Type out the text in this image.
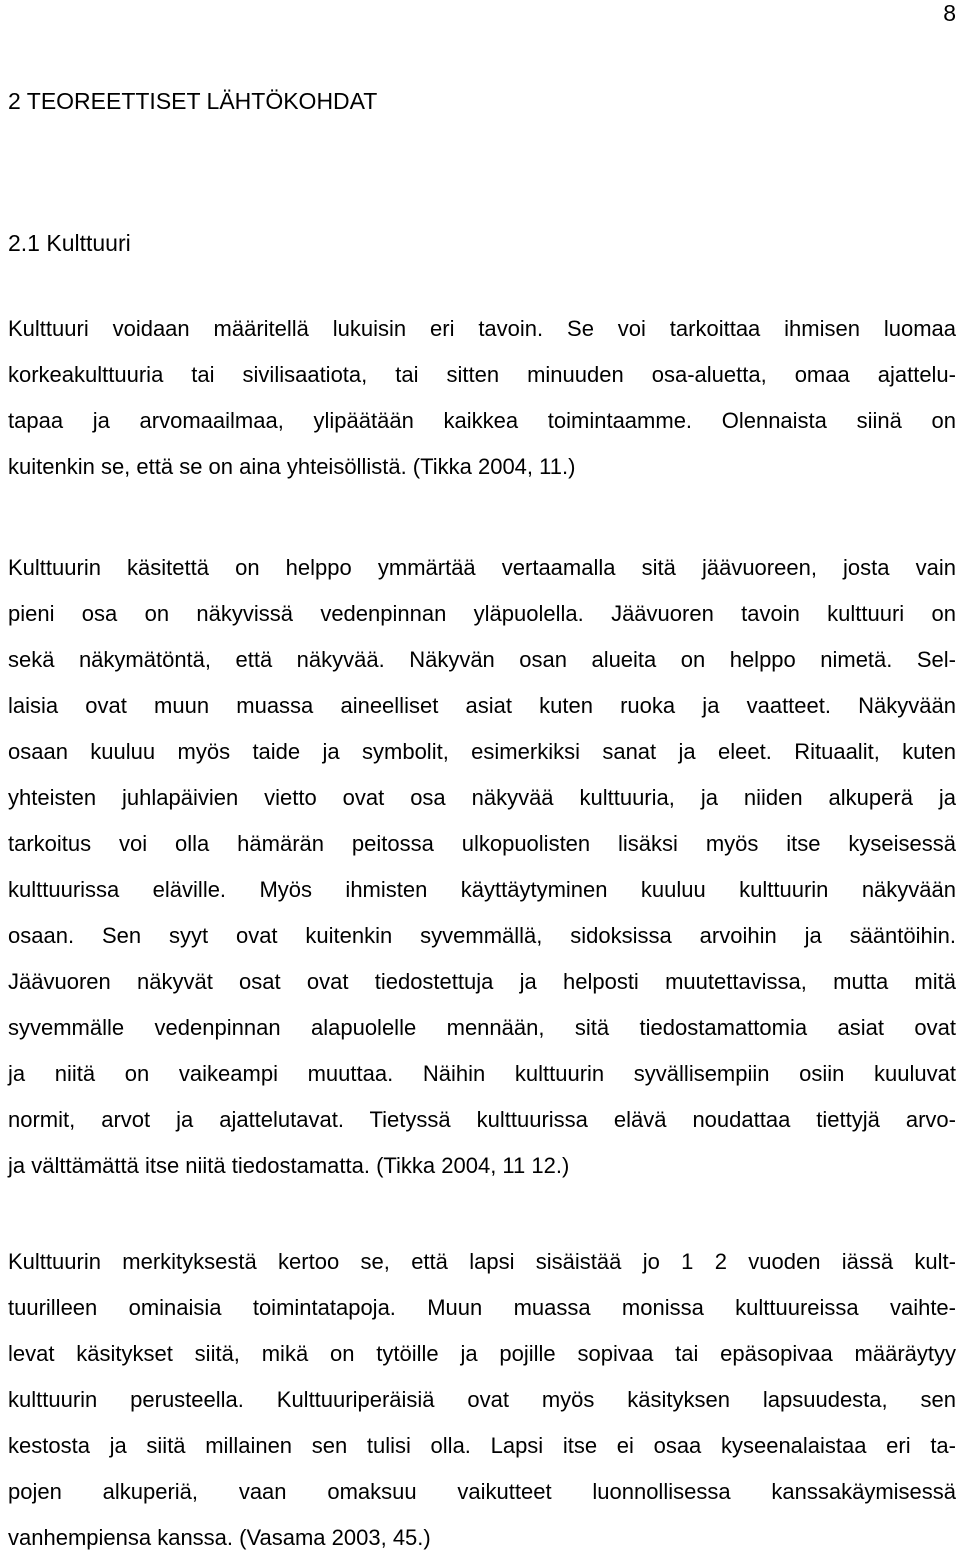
8
2 TEOREETTISET LÄHTÖKOHDAT
2.1 Kulttuuri
Kulttuuri voidaan määritellä lukuisin eri tavoin. Se voi tarkoittaa ihmisen luomaa
korkeakulttuuria tai sivilisaatiota, tai sitten minuuden osa-aluetta, omaa ajattelu-
tapaa ja arvomaailmaa, ylipäätään kaikkea toimintaamme. Olennaista siinä on
kuitenkin se, että se on aina yhteisöllistä. (Tikka 2004, 11.)
Kulttuurin käsitettä on helppo ymmärtää vertaamalla sitä jäävuoreen, josta vain
pieni osa on näkyvissä vedenpinnan yläpuolella. Jäävuoren tavoin kulttuuri on
sekä näkymätöntä, että näkyvää. Näkyvän osan alueita on helppo nimetä. Sel-
laisia ovat muun muassa aineelliset asiat kuten ruoka ja vaatteet. Näkyvään
osaan kuuluu myös taide ja symbolit, esimerkiksi sanat ja eleet. Rituaalit, kuten
yhteisten juhlapäivien vietto ovat osa näkyvää kulttuuria, ja niiden alkuperä ja
tarkoitus voi olla hämärän peitossa ulkopuolisten lisäksi myös itse kyseisessä
kulttuurissa eläville. Myös ihmisten käyttäytyminen kuuluu kulttuurin näkyvään
osaan. Sen syyt ovat kuitenkin syvemmällä, sidoksissa arvoihin ja sääntöihin.
Jäävuoren näkyvät osat ovat tiedostettuja ja helposti muutettavissa, mutta mitä
syvemmälle vedenpinnan alapuolelle mennään, sitä tiedostamattomia asiat ovat
ja niitä on vaikeampi muuttaa. Näihin kulttuurin syvällisempiin osiin kuuluvat
normit, arvot ja ajattelutavat. Tietyssä kulttuurissa elävä noudattaa tiettyjä arvo-
ja välttämättä itse niitä tiedostamatta. (Tikka 2004, 11 12.)
Kulttuurin merkityksestä kertoo se, että lapsi sisäistää jo 1 2 vuoden iässä kult-
tuurilleen ominaisia toimintatapoja. Muun muassa monissa kulttuureissa vaihte-
levat käsitykset siitä, mikä on tytöille ja pojille sopivaa tai epäsopivaa määräytyy
kulttuurin perusteella. Kulttuuriperäisiä ovat myös käsityksen lapsuudesta, sen
kestosta ja siitä millainen sen tulisi olla. Lapsi itse ei osaa kyseenalaistaa eri ta-
pojen alkuperiä, vaan omaksuu vaikutteet luonnollisessa kanssakäymisessä
vanhempiensa kanssa. (Vasama 2003, 45.)
